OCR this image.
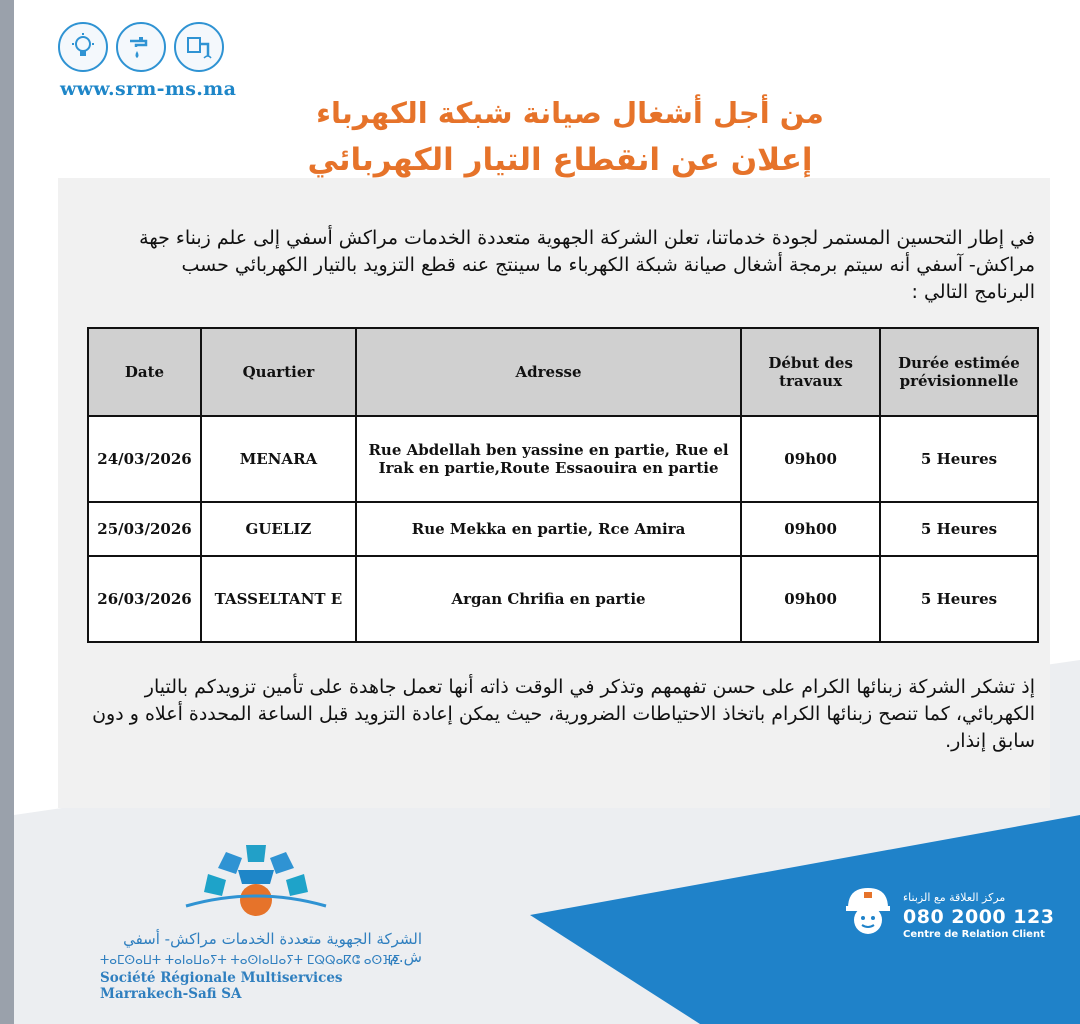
www.srm-ms.ma
من أجل أشغال صيانة شبكة الكهرباء
إعلان عن انقطاع التيار الكهربائي
في إطار التحسين المستمر لجودة خدماتنا، تعلن الشركة الجهوية متعددة الخدمات مراكش أسفي إلى علم زبناء جهة مراكش- آسفي أنه سيتم برمجة أشغال صيانة شبكة الكهرباء ما سينتج عنه قطع التزويد بالتيار الكهربائي حسب البرنامج التالي :
Date	Quartier	Adresse	Début des travaux	Durée estimée prévisionnelle
24/03/2026	MENARA	Rue Abdellah ben yassine en partie, Rue el Irak en partie,Route Essaouira en partie	09h00	5 Heures
25/03/2026	GUELIZ	Rue Mekka en partie, Rce Amira	09h00	5 Heures
26/03/2026	TASSELTANT E	Argan Chrifia en partie	09h00	5 Heures
إذ تشكر الشركة زبنائها الكرام على حسن تفهمهم وتذكر في الوقت ذاته أنها تعمل جاهدة على تأمين تزويدكم بالتيار الكهربائي، كما تنصح زبنائها الكرام باتخاذ الاحتياطات الضرورية، حيث يمكن إعادة التزويد قبل الساعة المحددة أعلاه و دون سابق إنذار.
الشركة الجهوية متعددة الخدمات مراكش- أسفي ش.م
ⵜⴰⵎⵙⴰⵡⵜ ⵜⴰⵏⴰⵡⴰⵢⵜ ⵜⴰⵙⵏⴰⵡⴰⵢⵜ ⵎⵕⵕⴰⴽⵛ ⴰⵙⴼⵉ
Société Régionale Multiservices Marrakech-Safi SA
مركز العلاقة مع الزبناء
080 2000 123
Centre de Relation Client
